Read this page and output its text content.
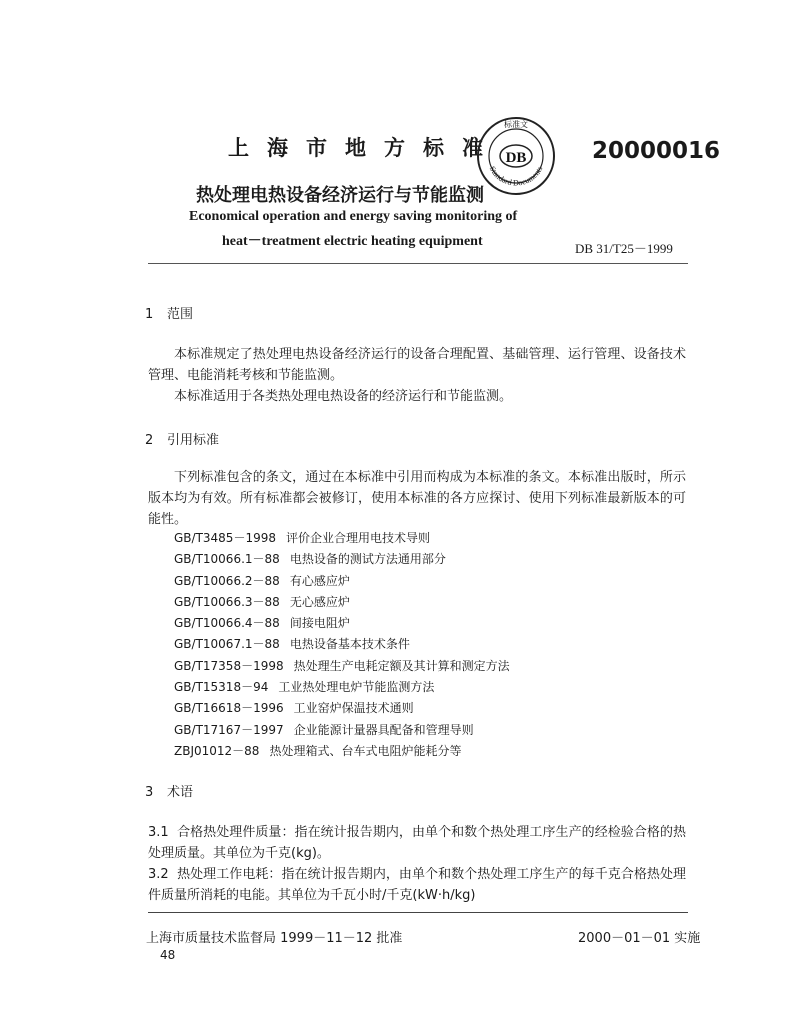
上海市地方标准 DB
标准文
Standard Documents
20000016
热处理电热设备经济运行与节能监测
Economical operation and energy saving monitoring of
heat－treatment electric heating equipment	DB 31/T25－1999
1 范围
本标准规定了热处理电热设备经济运行的设备合理配置、基础管理、运行管理、设备技术管理、电能消耗考核和节能监测。
本标准适用于各类热处理电热设备的经济运行和节能监测。
2 引用标准
下列标准包含的条文，通过在本标准中引用而构成为本标准的条文。本标准出版时，所示版本均为有效。所有标准都会被修订，使用本标准的各方应探讨、使用下列标准最新版本的可能性。
GB/T3485－1998 评价企业合理用电技术导则
GB/T10066.1－88 电热设备的测试方法通用部分
GB/T10066.2－88 有心感应炉
GB/T10066.3－88 无心感应炉
GB/T10066.4－88 间接电阻炉
GB/T10067.1－88 电热设备基本技术条件
GB/T17358－1998 热处理生产电耗定额及其计算和测定方法
GB/T15318－94 工业热处理电炉节能监测方法
GB/T16618－1996 工业窑炉保温技术通则
GB/T17167－1997 企业能源计量器具配备和管理导则
ZBJ01012－88 热处理箱式、台车式电阻炉能耗分等
3 术语
3.1 合格热处理件质量：指在统计报告期内，由单个和数个热处理工序生产的经检验合格的热处理质量。其单位为千克(kg)。
3.2 热处理工作电耗：指在统计报告期内，由单个和数个热处理工序生产的每千克合格热处理件质量所消耗的电能。其单位为千瓦小时/千克(kW·h/kg)
上海市质量技术监督局 1999－11－12 批准	2000－01－01 实施
48
